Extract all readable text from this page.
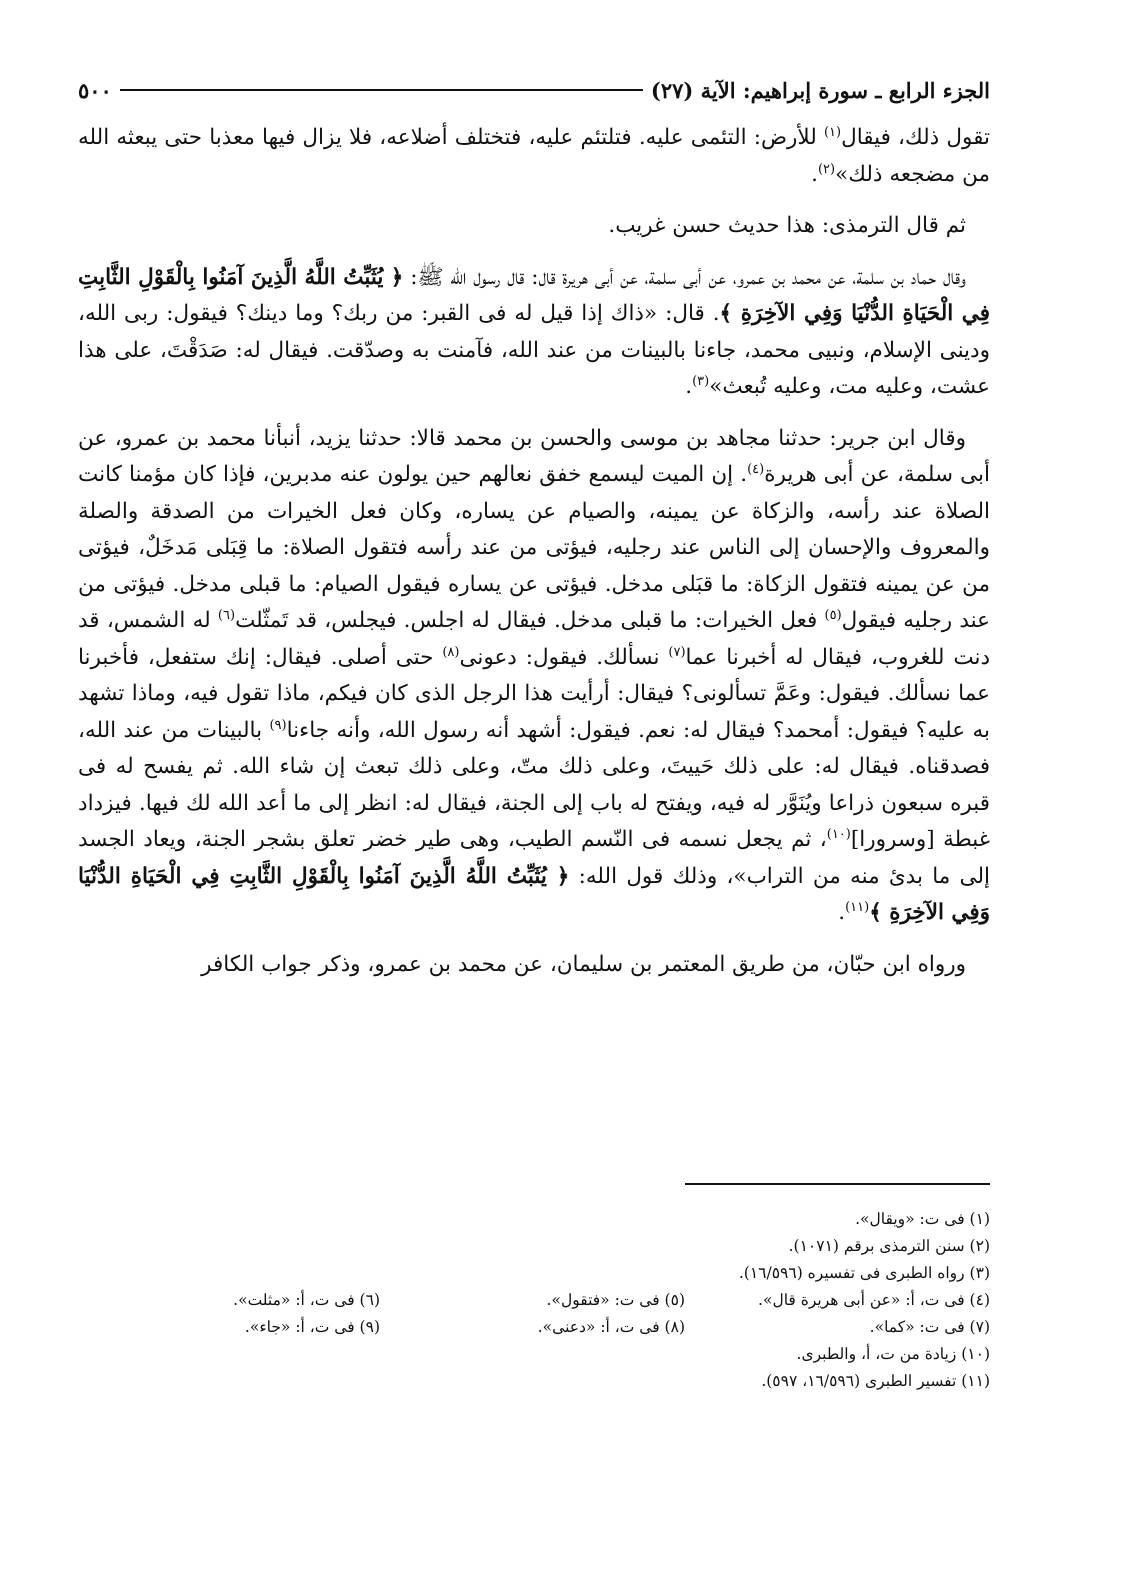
الجزء الرابع ـ سورة إبراهيم: الآية (٢٧)
٥٠٠

تقول ذلك، فيقال$^{(١)}$ للأرض: التئمى عليه. فتلتئم عليه، فتختلف أضلاعه، فلا يزال فيها معذبا حتى يبعثه الله من مضجعه ذلك»$^{(٢)}$.

ثم قال الترمذى: هذا حديث حسن غريب.

وقال حماد بن سلمة، عن محمد بن عمرو، عن أبى سلمة، عن أبى هريرة قال: قال رسول الله ﷺ: ﴿ يُثَبِّتُ اللَّهُ الَّذِينَ آمَنُوا بِالْقَوْلِ الثَّابِتِ فِي الْحَيَاةِ الدُّنْيَا وَفِي الآخِرَةِ ﴾. قال: «ذاك إذا قيل له فى القبر: من ربك؟ وما دينك؟ فيقول: ربى الله، ودينى الإسلام، ونبيى محمد، جاءنا بالبينات من عند الله، فآمنت به وصدّقت. فيقال له: صَدَقْتَ، على هذا عشت، وعليه مت، وعليه تُبعث»$^{(٣)}$.

وقال ابن جرير: حدثنا مجاهد بن موسى والحسن بن محمد قالا: حدثنا يزيد، أنبأنا محمد بن عمرو، عن أبى سلمة، عن أبى هريرة$^{(٤)}$. إن الميت ليسمع خفق نعالهم حين يولون عنه مدبرين، فإذا كان مؤمنا كانت الصلاة عند رأسه، والزكاة عن يمينه، والصيام عن يساره، وكان فعل الخيرات من الصدقة والصلة والمعروف والإحسان إلى الناس عند رجليه، فيؤتى من عند رأسه فتقول الصلاة: ما قِبَلى مَدخَلٌ، فيؤتى من عن يمينه فتقول الزكاة: ما قبَلى مدخل. فيؤتى عن يساره فيقول الصيام: ما قبلى مدخل. فيؤتى من عند رجليه فيقول$^{(٥)}$ فعل الخيرات: ما قبلى مدخل. فيقال له اجلس. فيجلس، قد تَمثّلت$^{(٦)}$ له الشمس، قد دنت للغروب، فيقال له أخبرنا عما$^{(٧)}$ نسألك. فيقول: دعونى$^{(٨)}$ حتى أصلى. فيقال: إنك ستفعل، فأخبرنا عما نسألك. فيقول: وعَمَّ تسألونى؟ فيقال: أرأيت هذا الرجل الذى كان فيكم، ماذا تقول فيه، وماذا تشهد به عليه؟ فيقول: أمحمد؟ فيقال له: نعم. فيقول: أشهد أنه رسول الله، وأنه جاءنا$^{(٩)}$ بالبينات من عند الله، فصدقناه. فيقال له: على ذلك حَييتَ، وعلى ذلك متّ، وعلى ذلك تبعث إن شاء الله. ثم يفسح له فى قبره سبعون ذراعا ويُنَوَّر له فيه، ويفتح له باب إلى الجنة، فيقال له: انظر إلى ما أعد الله لك فيها. فيزداد غبطة [وسرورا]$^{(١٠)}$، ثم يجعل نسمه فى النّسم الطيب، وهى طير خضر تعلق بشجر الجنة، ويعاد الجسد إلى ما بدئ منه من التراب»، وذلك قول الله: ﴿ يُثَبِّتُ اللَّهُ الَّذِينَ آمَنُوا بِالْقَوْلِ الثَّابِتِ فِي الْحَيَاةِ الدُّنْيَا وَفِي الآخِرَةِ ﴾$^{(١١)}$.

ورواه ابن حبّان، من طريق المعتمر بن سليمان، عن محمد بن عمرو، وذكر جواب الكافر

(١) فى ت: «ويقال».
(٢) سنن الترمذى برقم (١٠٧١).
(٣) رواه الطبرى فى تفسيره (١٦/٥٩٦).
(٤) فى ت، أ: «عن أبى هريرة قال».
(٥) فى ت: «فتقول».
(٦) فى ت، أ: «مثلت».
(٧) فى ت: «كما».
(٨) فى ت، أ: «دعنى».
(٩) فى ت، أ: «جاء».
(١٠) زيادة من ت، أ، والطبرى.
(١١) تفسير الطبرى (١٦/٥٩٦، ٥٩٧).
